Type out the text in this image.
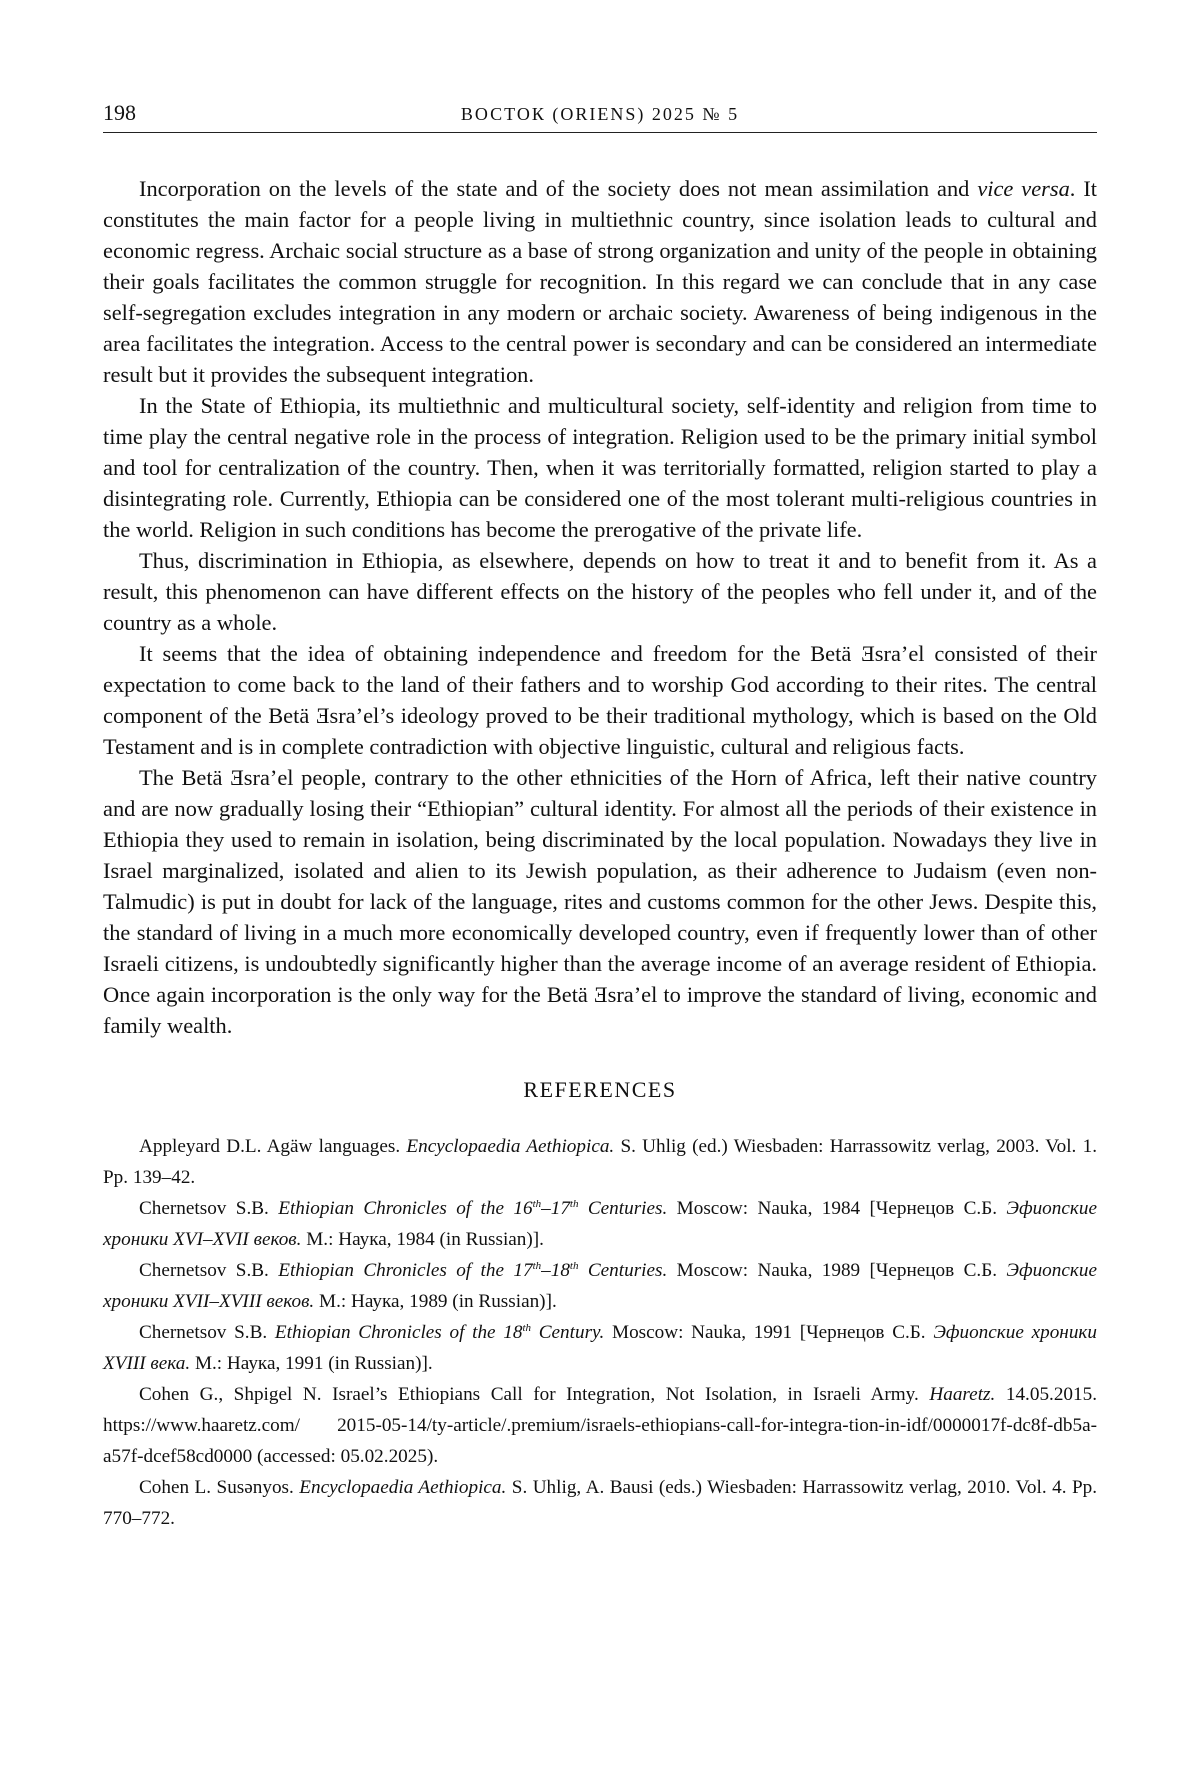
198	ВОСТОК (ORIENS) 2025 № 5

Incorporation on the levels of the state and of the society does not mean assimilation and vice versa. It constitutes the main factor for a people living in multiethnic country, since isolation leads to cultural and economic regress. Archaic social structure as a base of strong organization and unity of the people in obtaining their goals facilitates the common struggle for recognition. In this regard we can conclude that in any case self-segregation excludes integration in any modern or archaic society. Awareness of being indigenous in the area facilitates the integration. Access to the central power is secondary and can be considered an intermediate result but it provides the subsequent integration.

In the State of Ethiopia, its multiethnic and multicultural society, self-identity and religion from time to time play the central negative role in the process of integration. Religion used to be the primary initial symbol and tool for centralization of the country. Then, when it was territorially formatted, religion started to play a disintegrating role. Currently, Ethiopia can be considered one of the most tolerant multi-religious countries in the world. Religion in such conditions has become the prerogative of the private life.

Thus, discrimination in Ethiopia, as elsewhere, depends on how to treat it and to benefit from it. As a result, this phenomenon can have different effects on the history of the peoples who fell under it, and of the country as a whole.

It seems that the idea of obtaining independence and freedom for the Betä Ǝsra’el consisted of their expectation to come back to the land of their fathers and to worship God according to their rites. The central component of the Betä Ǝsra’el’s ideology proved to be their traditional mythology, which is based on the Old Testament and is in complete contradiction with objective linguistic, cultural and religious facts.

The Betä Ǝsra’el people, contrary to the other ethnicities of the Horn of Africa, left their native country and are now gradually losing their “Ethiopian” cultural identity. For almost all the periods of their existence in Ethiopia they used to remain in isolation, being discriminated by the local population. Nowadays they live in Israel marginalized, isolated and alien to its Jewish population, as their adherence to Judaism (even non-Talmudic) is put in doubt for lack of the language, rites and customs common for the other Jews. Despite this, the standard of living in a much more economically developed country, even if frequently lower than of other Israeli citizens, is undoubtedly significantly higher than the average income of an average resident of Ethiopia. Once again incorporation is the only way for the Betä Ǝsra’el to improve the standard of living, economic and family wealth.

REFERENCES

Appleyard D.L. Agäw languages. Encyclopaedia Aethiopica. S. Uhlig (ed.) Wiesbaden: Harrassowitz verlag, 2003. Vol. 1. Pp. 139–42.

Chernetsov S.B. Ethiopian Chronicles of the 16th–17th Centuries. Moscow: Nauka, 1984 [Чернецов С.Б. Эфиопские хроники XVI–XVII веков. М.: Наука, 1984 (in Russian)].

Chernetsov S.B. Ethiopian Chronicles of the 17th–18th Centuries. Moscow: Nauka, 1989 [Чернецов С.Б. Эфиопские хроники XVII–XVIII веков. М.: Наука, 1989 (in Russian)].

Chernetsov S.B. Ethiopian Chronicles of the 18th Century. Moscow: Nauka, 1991 [Чернецов С.Б. Эфиопские хроники XVIII века. М.: Наука, 1991 (in Russian)].

Cohen G., Shpigel N. Israel’s Ethiopians Call for Integration, Not Isolation, in Israeli Army. Haaretz. 14.05.2015. https://www.haaretz.com/ 2015-05-14/ty-article/.premium/israels-ethiopians-call-for-integra-tion-in-idf/0000017f-dc8f-db5a-a57f-dcef58cd0000 (accessed: 05.02.2025).

Cohen L. Susənyos. Encyclopaedia Aethiopica. S. Uhlig, A. Bausi (eds.) Wiesbaden: Harrassowitz verlag, 2010. Vol. 4. Pp. 770–772.
